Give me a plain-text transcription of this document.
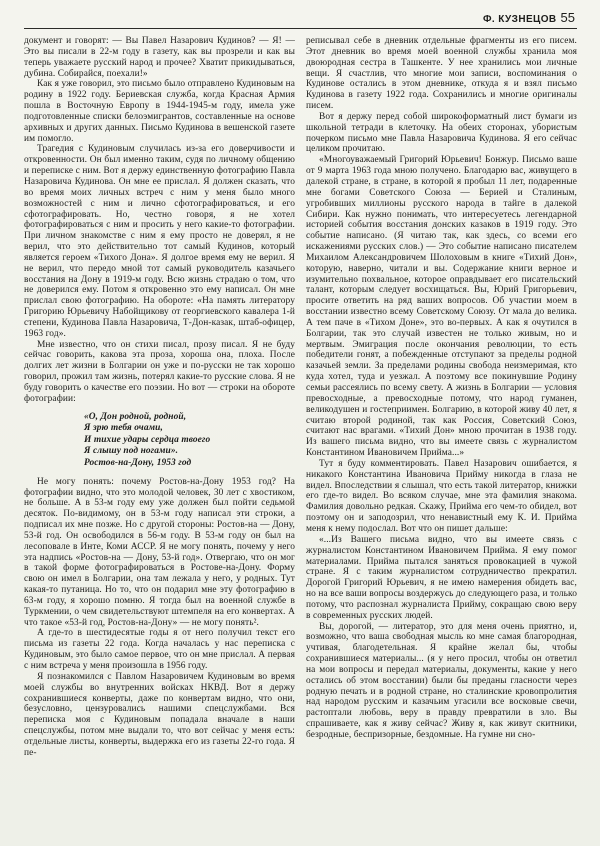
Ф. КУЗНЕЦОВ 55

документ и говорят: — Вы Павел Назарович Кудинов? — Я! — Это вы писали в 22-м году в газету, как вы прозрели и как вы теперь уважаете русский народ и прочее? Хватит прикидываться, дубина. Собирайся, поехали!»

Как я уже говорил, это письмо было отправлено Кудиновым на родину в 1922 году. Бериевская служба, когда Красная Армия пошла в Восточную Европу в 1944-1945-м году, имела уже подготовленные списки белоэмигрантов, составленные на основе архивных и других данных. Письмо Кудинова в вешенской газете им помогло.

Трагедия с Кудиновым случилась из-за его доверчивости и откровенности. Он был именно таким, судя по личному общению и переписке с ним. Вот я держу единственную фотографию Павла Назаровича Кудинова. Он мне ее прислал. Я должен сказать, что во время моих личных встреч с ним у меня было много возможностей с ним и лично сфотографироваться, и его сфотографировать. Но, честно говоря, я не хотел фотографироваться с ним и просить у него какие-то фотографии. При личном знакомстве с ним я ему просто не доверял, я не верил, что это действительно тот самый Кудинов, который является героем «Тихого Дона». Я долгое время ему не верил. Я не верил, что передо мной тот самый руководитель казачьего восстания на Дону в 1919-м году. Всю жизнь страдаю о том, что не доверился ему. Потом я откровенно это ему написал. Он мне прислал свою фотографию. На обороте: «На память литератору Григорию Юрьевичу Набойщикову от георгиевского кавалера 1-й степени, Кудинова Павла Назаровича, Т-Дон-казак, штаб-офицер, 1963 год».

Мне известно, что он стихи писал, прозу писал. Я не буду сейчас говорить, какова эта проза, хороша она, плоха. После долгих лет жизни в Болгарии он уже и по-русски не так хорошо говорил, прожил там жизнь, потерял какие-то русские слова. Я не буду говорить о качестве его поэзии. Но вот — строки на обороте фотографии:

«О, Дон родной, родной,
Я зрю тебя очами,
И тихие удары сердца твоего
Я слышу под ногами».
Ростов-на-Дону, 1953 год

Не могу понять: почему Ростов-на-Дону 1953 год? На фотографии видно, что это молодой человек, 30 лет с хвостиком, не больше. А в 53-м году ему уже должен был пойти седьмой десяток. По-видимому, он в 53-м году написал эти строки, а подписал их мне позже. Но с другой стороны: Ростов-на — Дону, 53-й год. Он освободился в 56-м году. В 53-м году он был на лесоповале в Инте, Коми АССР. Я не могу понять, почему у него эта надпись «Ростов-на — Дону, 53-й год». Отвергаю, что он мог в такой форме фотографироваться в Ростове-на-Дону. Форму свою он имел в Болгарии, она там лежала у него, у родных. Тут какая-то путаница. Но то, что он подарил мне эту фотографию в 63-м году, я хорошо помню. Я тогда был на военной службе в Туркмении, о чем свидетельствуют штемпеля на его конвертах. А что такое «53-й год, Ростов-на-Дону» — не могу понять².

А где-то в шестидесятые годы я от него получил текст его письма из газеты 22 года. Когда началась у нас переписка с Кудиновым, это было самое первое, что он мне прислал. А первая с ним встреча у меня произошла в 1956 году.

Я познакомился с Павлом Назаровичем Кудиновым во время моей службы во внутренних войсках НКВД. Вот я держу сохранившиеся конверты, даже по конвертам видно, что они, безусловно, цензуровались нашими спецслужбами. Вся переписка моя с Кудиновым попадала вначале в наши спецслужбы, потом мне выдали то, что вот сейчас у меня есть: отдельные листы, конверты, выдержка его из газеты 22-го года. Я пе-

реписывал себе в дневник отдельные фрагменты из его писем. Этот дневник во время моей военной службы хранила моя двоюродная сестра в Ташкенте. У нее хранились мои личные вещи. Я счастлив, что многие мои записи, воспоминания о Кудинове остались в этом дневнике, откуда я и взял письмо Кудинова в газету 1922 года. Сохранились и многие оригиналы писем.

Вот я держу перед собой широкоформатный лист бумаги из школьной тетради в клеточку. На обеих сторонах, убористым почерком письмо мне Павла Назаровича Кудинова. Я его сейчас целиком прочитаю.

«Многоуважаемый Григорий Юрьевич! Бонжур. Письмо ваше от 9 марта 1963 года мною получено. Благодарю вас, живущего в далекой стране, в стране, в которой я пробыл 11 лет, подаренные мне богами Советского Союза — Берией и Сталиным, угробивших миллионы русского народа в тайге в далекой Сибири. Как нужно понимать, что интересуетесь легендарной историей события восстания донских казаков в 1919 году. Это событие написано. (Я читаю так, как здесь, со всеми его искажениями русских слов.) — Это событие написано писателем Михаилом Александровичем Шолоховым в книге «Тихий Дон», которую, наверно, читали и вы. Содержание книги верное и изумительно похвальное, которое оправдывает его писательский талант, которым следует восхищаться. Вы, Юрий Григорьевич, просите ответить на ряд ваших вопросов. Об участии моем в восстании известно всему Советскому Союзу. От мала до велика. А тем паче в «Тихом Доне», это во-первых. А как я очутился в Болгарии, так это случай известен не только живым, но и мертвым. Эмиграция после окончания революции, то есть победители гонят, а побежденные отступают за пределы родной казачьей земли. За пределами родины свобода неизмеримая, кто куда хотел, туда и уезжал. А поэтому все покинувшие Родину семьи рассеялись по всему свету. А жизнь в Болгарии — условия превосходные, а превосходные потому, что народ гуманен, великодушен и гостеприимен. Болгарию, в которой живу 40 лет, я считаю второй родиной, так как Россия, Советский Союз, считают нас врагами. «Тихий Дон» мною прочитан в 1938 году. Из вашего письма видно, что вы имеете связь с журналистом Константином Ивановичем Прийма...»

Тут я буду комментировать. Павел Назарович ошибается, я никакого Константина Ивановича Прийму никогда в глаза не видел. Впоследствии я слышал, что есть такой литератор, книжки его где-то видел. Во всяком случае, мне эта фамилия знакома. Фамилия довольно редкая. Скажу, Прийма его чем-то обидел, вот поэтому он и заподозрил, что ненавистный ему К. И. Прийма меня к нему подослал. Вот что он пишет дальше:

«...Из Вашего письма видно, что вы имеете связь с журналистом Константином Ивановичем Прийма. Я ему помог материалами. Прийма пытался заняться провокацией в чужой стране. Я с таким журналистом сотрудничество прекратил. Дорогой Григорий Юрьевич, я не имею намерения обидеть вас, но на все ваши вопросы воздержусь до следующего раза, и только потому, что распознал журналиста Прийму, сокращаю свою веру в современных русских людей.

Вы, дорогой, — литератор, это для меня очень приятно, и, возможно, что ваша свободная мысль ко мне самая благородная, учтивая, благодетельная. Я крайне желал бы, чтобы сохранившиеся материалы... (я у него просил, чтобы он ответил на мои вопросы и передал материалы, документы, какие у него остались об этом восстании) были бы преданы гласности через родную печать и в родной стране, но сталинские кровопролития над народом русским и казачьим угасили все восковые свечи, растоптали любовь, веру в правду превратили в зло. Вы спрашиваете, как я живу сейчас? Живу я, как живут скитники, безродные, беспризорные, бездомные. На гумне ни сно-
